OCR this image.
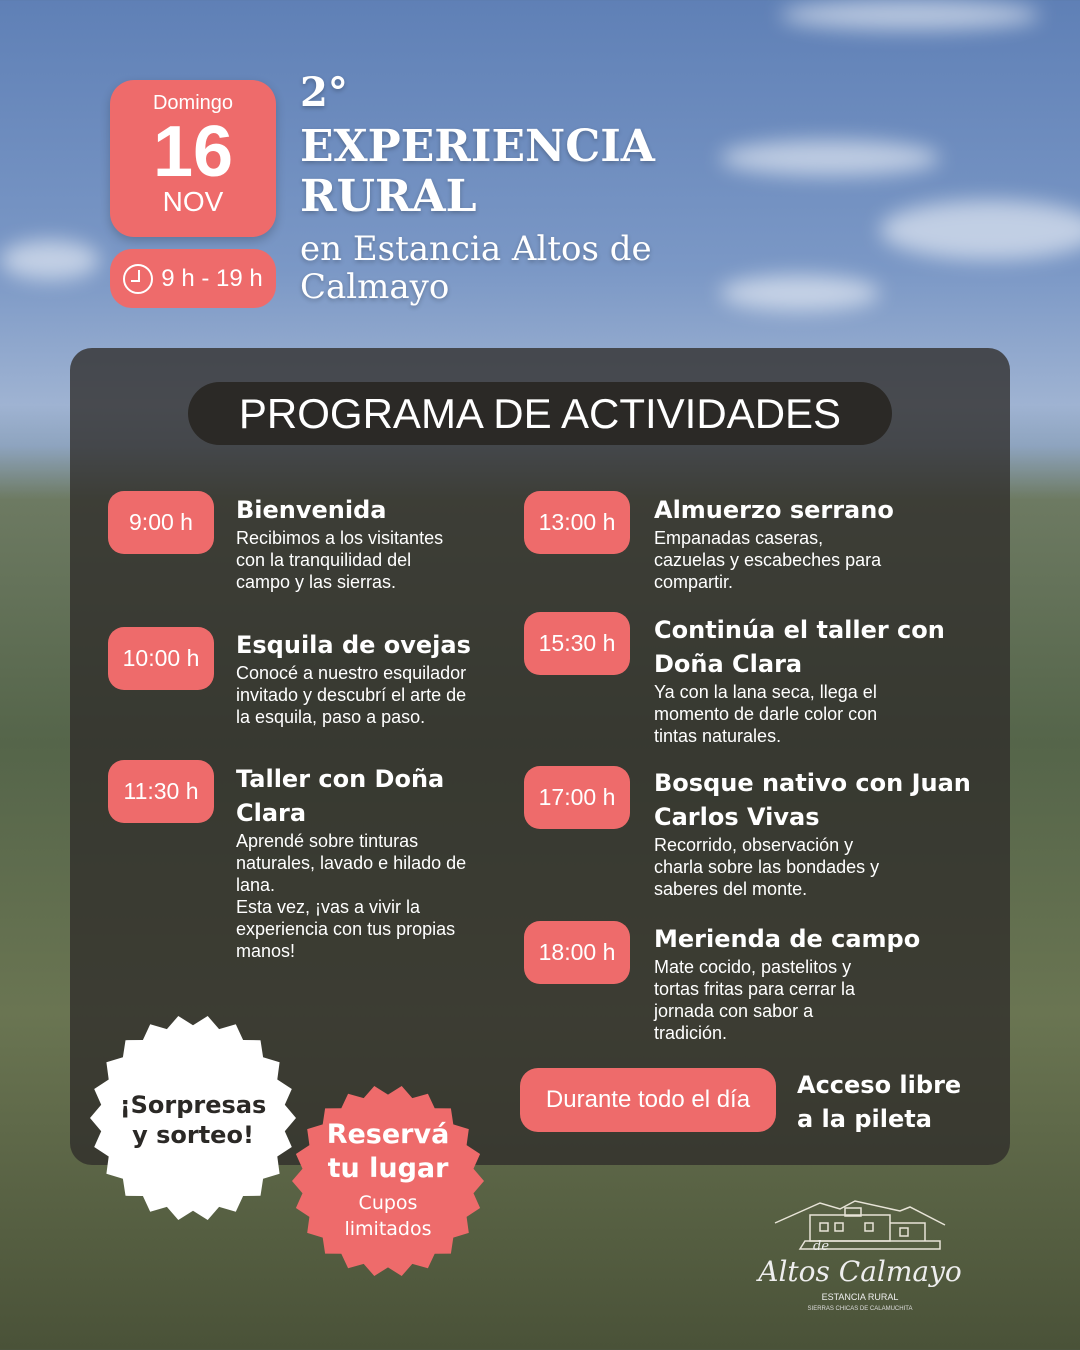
Domingo
16
NOV
9 h - 19 h
2°
EXPERIENCIA RURAL
en Estancia Altos de Calmayo
PROGRAMA DE ACTIVIDADES
9:00 h	Bienvenida

Recibimos a los visitantes
con la tranquilidad del
campo y las sierras.

10:00 h	Esquila de ovejas

Conocé a nuestro esquilador
invitado y descubrí el arte de
la esquila, paso a paso.

11:30 h	Taller con Doña Clara

Aprendé sobre tinturas
naturales, lavado e hilado de
lana.
Esta vez, ¡vas a vivir la
experiencia con tus propias
manos!

13:00 h	Almuerzo serrano

Empanadas caseras,
cazuelas y escabeches para
compartir.

15:30 h	Continúa el taller con Doña Clara

Ya con la lana seca, llega el
momento de darle color con
tintas naturales.

17:00 h	Bosque nativo con Juan Carlos Vivas

Recorrido, observación y
charla sobre las bondades y
saberes del monte.

18:00 h	Merienda de campo

Mate cocido, pastelitos y
tortas fritas para cerrar la
jornada con sabor a
tradición.

Durante todo el día
Acceso libre
a la pileta
¡Sorpresas
y sorteo!	Reservá
tu lugar
Cupos
limitados
de
Altos Calmayo
ESTANCIA RURAL
SIERRAS CHICAS DE CALAMUCHITA
